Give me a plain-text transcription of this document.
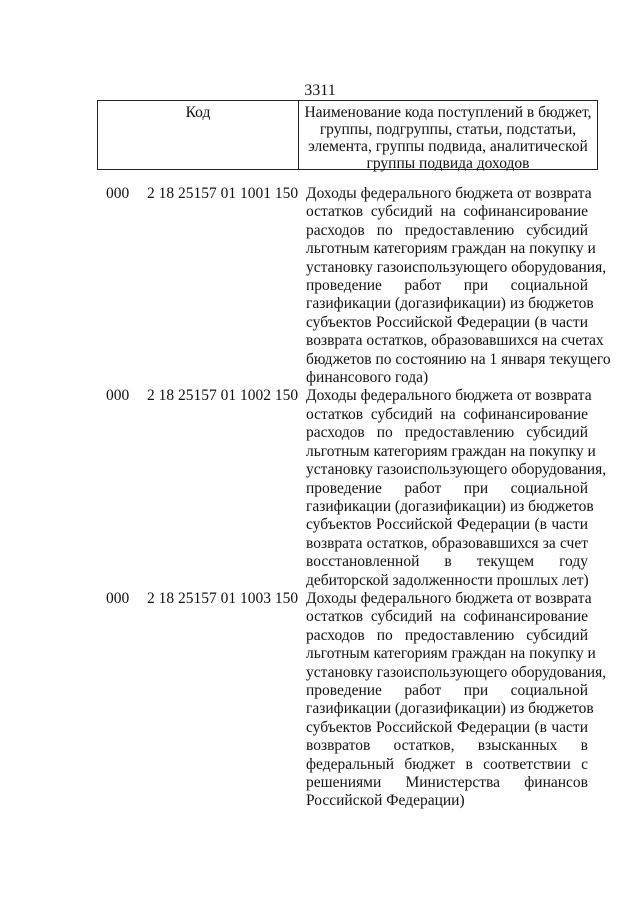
3311
Код	Наименование кода поступлений в бюджет,
группы, подгруппы, статьи, подстатьи,
элемента, группы подвида, аналитической
группы подвида доходов
000 2 18 25157 01 1001 150 Доходы федерального бюджета от возврата
остатков субсидий на софинансирование
расходов по предоставлению субсидий
льготным категориям граждан на покупку и
установку газоиспользующего оборудования,
проведение работ при социальной
газификации (догазификации) из бюджетов
субъектов Российской Федерации (в части
возврата остатков, образовавшихся на счетах
бюджетов по состоянию на 1 января текущего
финансового года)
000 2 18 25157 01 1002 150 Доходы федерального бюджета от возврата
остатков субсидий на софинансирование
расходов по предоставлению субсидий
льготным категориям граждан на покупку и
установку газоиспользующего оборудования,
проведение работ при социальной
газификации (догазификации) из бюджетов
субъектов Российской Федерации (в части
возврата остатков, образовавшихся за счет
восстановленной в текущем году
дебиторской задолженности прошлых лет)
000 2 18 25157 01 1003 150 Доходы федерального бюджета от возврата
остатков субсидий на софинансирование
расходов по предоставлению субсидий
льготным категориям граждан на покупку и
установку газоиспользующего оборудования,
проведение работ при социальной
газификации (догазификации) из бюджетов
субъектов Российской Федерации (в части
возвратов остатков, взысканных в
федеральный бюджет в соответствии с
решениями Министерства финансов
Российской Федерации)
